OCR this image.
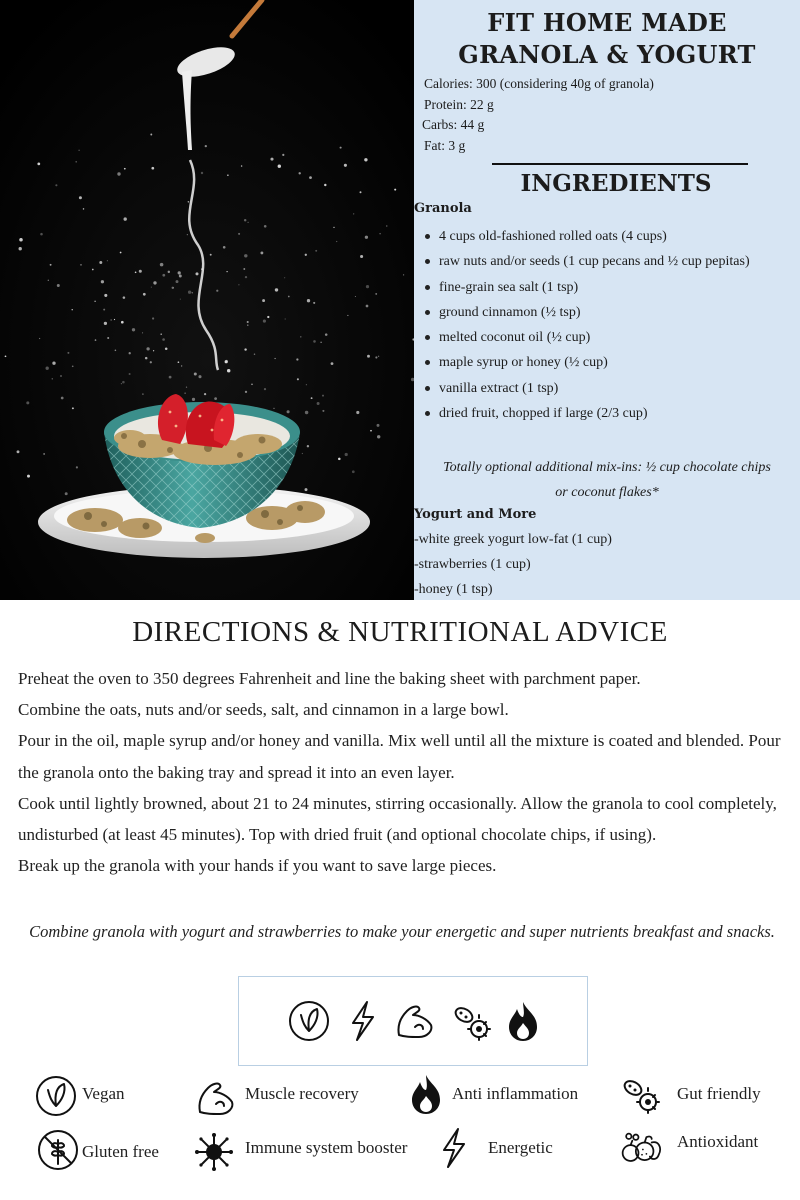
FIT HOME MADE
GRANOLA & YOGURT
Calories: 300 (considering 40g of granola)
Protein: 22 g
Carbs: 44 g
Fat: 3 g
INGREDIENTS
Granola
4 cups old-fashioned rolled oats (4 cups)
raw nuts and/or seeds (1 cup pecans and ½ cup pepitas)
fine-grain sea salt (1 tsp)
ground cinnamon (½ tsp)
melted coconut oil (½ cup)
maple syrup or honey (½ cup)
vanilla extract (1 tsp)
dried fruit, chopped if large (2/3 cup)
Totally optional additional mix-ins: ½ cup chocolate chips
or coconut flakes*
Yogurt and More
-white greek yogurt low-fat (1 cup)
-strawberries (1 cup)
-honey (1 tsp)
DIRECTIONS & NUTRITIONAL ADVICE

Preheat the oven to 350 degrees Fahrenheit and line the baking sheet with parchment paper.

Combine the oats, nuts and/or seeds, salt, and cinnamon in a large bowl.

Pour in the oil, maple syrup and/or honey and vanilla. Mix well until all the mixture is coated and blended. Pour the granola onto the baking tray and spread it into an even layer.

Cook until lightly browned, about 21 to 24 minutes, stirring occasionally. Allow the granola to cool completely, undisturbed (at least 45 minutes). Top with dried fruit (and optional chocolate chips, if using).

Break up the granola with your hands if you want to save large pieces.

Combine granola with yogurt and strawberries to make your energetic and super nutrients breakfast and snacks.
Vegan	Muscle recovery	Anti inflammation	Gut friendly
Gluten free	Immune system booster	Energetic	Antioxidant
